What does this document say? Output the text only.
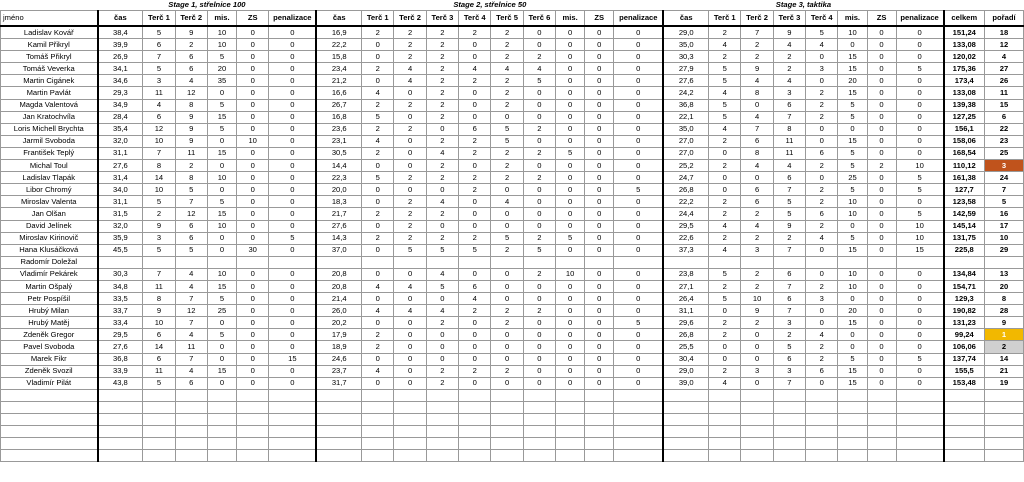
	Stage 1, střelnice 100						Stage 2, střelnice 50										Stage 3, taktika									
jméno	čas	Terč 1	Terč 2	mis.	ZS	penalizace	čas	Terč 1	Terč 2	Terč 3	Terč 4	Terč 5	Terč 6	mis.	ZS	penalizace	čas	Terč 1	Terč 2	Terč 3	Terč 4	mis.	ZS	penalizace	celkem	pořadí
Ladislav Kovář	38,4	5	9	10	0	0	16,9	2	2	2	2	2	0	0	0	0	29,0	2	7	9	5	10	0	0	151,24	18
Kamil Přikryl	39,9	6	2	10	0	0	22,2	0	2	2	0	2	0	0	0	0	35,0	4	2	4	4	0	0	0	133,08	12
Tomáš Přikryl	26,9	7	6	5	0	0	15,8	0	2	2	0	2	2	0	0	0	30,3	2	2	2	0	15	0	0	120,02	4
Tomáš Veverka	34,1	5	6	20	0	0	23,4	2	4	2	4	4	4	0	0	0	27,9	5	9	2	3	15	0	5	175,36	27
Martin Cigánek	34,6	3	4	35	0	0	21,2	0	4	2	2	2	5	0	0	0	27,6	5	4	4	0	20	0	0	173,4	26
Martin Pavlát	29,3	11	12	0	0	0	16,6	4	0	2	0	2	0	0	0	0	24,2	4	8	3	2	15	0	0	133,08	11
Magda Valentová	34,9	4	8	5	0	0	26,7	2	2	2	0	2	0	0	0	0	36,8	5	0	6	2	5	0	0	139,38	15
Jan Kratochvíla	28,4	6	9	15	0	0	16,8	5	0	2	0	0	0	0	0	0	22,1	5	4	7	2	5	0	0	127,25	6
Loris Michell Brychta	35,4	12	9	5	0	0	23,6	2	2	0	6	5	2	0	0	0	35,0	4	7	8	0	0	0	0	156,1	22
Jarmil Svoboda	32,0	10	9	0	10	0	23,1	4	0	2	2	5	0	0	0	0	27,0	2	6	11	0	15	0	0	158,06	23
František Teplý	31,1	7	11	15	0	0	30,5	2	0	4	2	2	2	5	0	0	27,0	0	8	11	6	5	0	0	168,54	25
Michal Toul	27,6	8	2	0	0	0	14,4	0	0	2	0	2	0	0	0	0	25,2	2	4	4	2	5	2	10	110,12	3
Ladislav Tlapák	31,4	14	8	10	0	0	22,3	5	2	2	2	2	2	0	0	0	24,7	0	0	6	0	25	0	5	161,38	24
Libor Chromý	34,0	10	5	0	0	0	20,0	0	0	0	2	0	0	0	0	5	26,8	0	6	7	2	5	0	5	127,7	7
Miroslav Valenta	31,1	5	7	5	0	0	18,3	0	2	4	0	4	0	0	0	0	22,2	2	6	5	2	10	0	0	123,58	5
Jan Olšan	31,5	2	12	15	0	0	21,7	2	2	2	0	0	0	0	0	0	24,4	2	2	5	6	10	0	5	142,59	16
David Jelínek	32,0	9	6	10	0	0	27,6	0	2	0	0	0	0	0	0	0	29,5	4	4	9	2	0	0	10	145,14	17
Miroslav Kirinovič	35,9	3	6	0	0	5	14,3	2	2	2	2	5	2	5	0	0	22,6	2	2	2	4	5	0	10	131,75	10
Hana Klusáčková	45,5	5	5	0	30	0	37,0	0	5	5	5	2	5	0	0	0	37,3	4	3	7	0	15	0	15	225,8	29
Radomír Doležal																										
Vladimír Pekárek	30,3	7	4	10	0	0	20,8	0	0	4	0	0	2	10	0	0	23,8	5	2	6	0	10	0	0	134,84	13
Martin Ošpalý	34,8	11	4	15	0	0	20,8	4	4	5	6	0	0	0	0	0	27,1	2	2	7	2	10	0	0	154,71	20
Petr Pospíšil	33,5	8	7	5	0	0	21,4	0	0	0	4	0	0	0	0	0	26,4	5	10	6	3	0	0	0	129,3	8
Hrubý Milan	33,7	9	12	25	0	0	26,0	4	4	4	2	2	2	0	0	0	31,1	0	9	7	0	20	0	0	190,82	28
Hrubý Matěj	33,4	10	7	0	0	0	20,2	0	0	2	0	2	0	0	0	5	29,6	2	2	3	0	15	0	0	131,23	9
Zdeněk Gregor	29,5	6	4	5	0	0	17,9	2	0	0	0	0	0	0	0	0	26,8	2	0	2	4	0	0	0	99,24	1
Pavel Svoboda	27,6	14	11	0	0	0	18,9	2	0	0	0	0	0	0	0	0	25,5	0	0	5	2	0	0	0	106,06	2
Marek Fikr	36,8	6	7	0	0	15	24,6	0	0	0	0	0	0	0	0	0	30,4	0	0	6	2	5	0	5	137,74	14
Zdeněk Svozil	33,9	11	4	15	0	0	23,7	4	0	2	2	2	0	0	0	0	29,0	2	3	3	6	15	0	0	155,5	21
Vladimír Pilát	43,8	5	6	0	0	0	31,7	0	0	2	0	0	0	0	0	0	39,0	4	0	7	0	15	0	0	153,48	19
